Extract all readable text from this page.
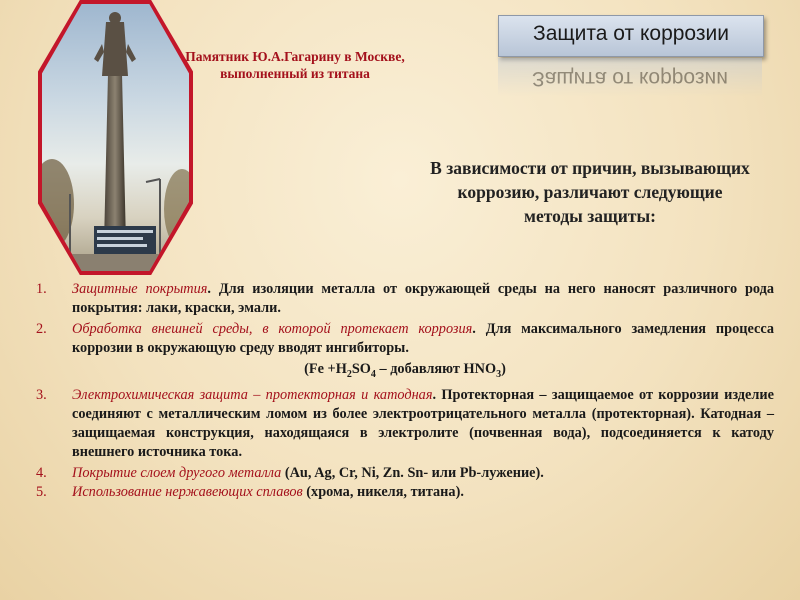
Памятник Ю.А.Гагарину в Москве,
выполненный из титана
Защита от коррозии
Защита от коррозии
В зависимости от причин, вызывающих коррозию, различают следующие методы защиты:
1. Защитные покрытия. Для изоляции металла от окружающей среды на него наносят различного рода покрытия: лаки, краски, эмали.
2. Обработка внешней среды, в которой протекает коррозия. Для максимального замедления процесса коррозии в окружающую среду вводят ингибиторы.
($Fe +H_2SO_4$ – добавляют $HNO_3$)
3. Электрохимическая защита – протекторная и катодная. Протекторная – защищаемое от коррозии изделие соединяют с металлическим ломом из более электроотрицательного металла (протекторная). Катодная – защищаемая конструкция, находящаяся в электролите (почвенная вода), подсоединяется к катоду внешнего источника тока.
4. Покрытие слоем другого металла (Au, Ag, Cr, Ni, Zn. Sn- или Pb-лужение).
5. Использование нержавеющих сплавов (хрома, никеля, титана).
